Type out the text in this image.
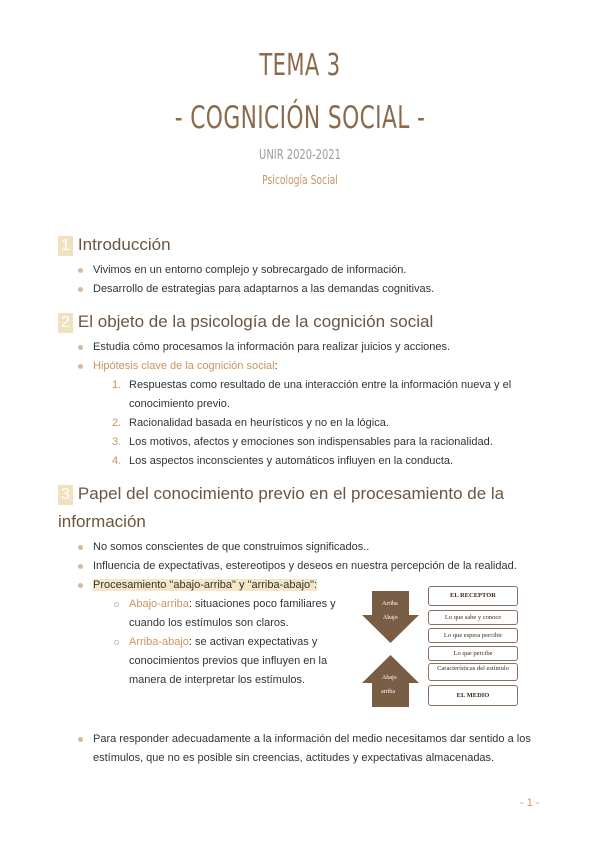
TEMA 3
- COGNICIÓN SOCIAL -
UNIR 2020-2021
Psicología Social
1 Introducción
Vivimos en un entorno complejo y sobrecargado de información.
Desarrollo de estrategias para adaptarnos a las demandas cognitivas.
2 El objeto de la psicología de la cognición social
Estudia cómo procesamos la información para realizar juicios y acciones.
Hipótesis clave de la cognición social:
1. Respuestas como resultado de una interacción entre la información nueva y el
conocimiento previo.
2. Racionalidad basada en heurísticos y no en la lógica.
3. Los motivos, afectos y emociones son indispensables para la racionalidad.
4. Los aspectos inconscientes y automáticos influyen en la conducta.
3 Papel del conocimiento previo en el procesamiento de la
información
No somos conscientes de que construimos significados..
Influencia de expectativas, estereotipos y deseos en nuestra percepción de la realidad.
Procesamiento "abajo-arriba" y "arriba-abajo":
Abajo-arriba: situaciones poco familiares y
cuando los estímulos son claros.
Arriba-abajo: se activan expectativas y
conocimientos previos que influyen en la
manera de interpretar los estímulos.
Arriba
Abajo
Abajo
arriba
EL RECEPTOR
Lo que sabe y conoce
Lo que espera percibir
Lo que percibe
Características del estímulo
EL MEDIO
Para responder adecuadamente a la información del medio necesitamos dar sentido a los
estímulos, que no es posible sin creencias, actitudes y expectativas almacenadas.
- 1 -
